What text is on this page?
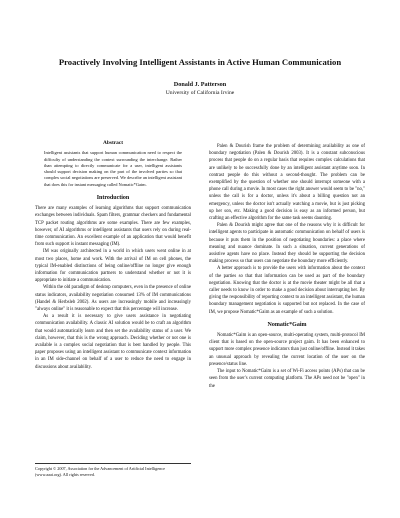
Proactively Involving Intelligent Assistants in Active Human Communication
Donald J. Patterson
University of California Irvine
Abstract
Intelligent assistants that support human communication need to respect the difficulty of understanding the context surrounding the interchange. Rather than attempting to directly communicate for a user, intelligent assistants should support decision making on the part of the involved parties so that complex social negotiations are preserved. We describe an intelligent assistant that does this for instant messaging called Nomatic*Gaim.
Introduction

There are many examples of learning algorithms that support communication exchanges between individuals. Spam filters, grammar checkers and fundamental TCP packet routing algorithms are some examples. There are few examples, however, of AI algorithms or intelligent assistants that users rely on during real-time communication. An excellent example of an application that would benefit from such support is instant messaging (IM).

IM was originally architected in a world in which users went online in at most two places, home and work. With the arrival of IM on cell phones, the typical IM-enabled distinctions of being online/offline no longer give enough information for communication partners to understand whether or not it is appropriate to initiate a communication.

Within the old paradigm of desktop computers, even in the presence of online status indicators, availability negotiation consumed 13% of IM communications (Handel & Herbsleb 2002). As users are increasingly mobile and increasingly "always online" it is reasonable to expect that this percentage will increase.

As a result it is necessary to give users assistance in negotiating communication availability. A classic AI solution would be to craft an algorithm that would automatically learn and then set the availability status of a user. We claim, however, that this is the wrong approach. Deciding whether or not one is available is a complex social negotiation that is best handled by people. This paper proposes using an intelligent assistant to communicate context information in an IM side-channel on behalf of a user to reduce the need to engage in discussions about availability.

Palen & Dourish frame the problem of determining availability as one of boundary negotiation (Palen & Dourish 2003). It is a constant subconscious process that people do on a regular basis that requires complex calculations that are unlikely to be successfully done by an intelligent assistant anytime soon. In contrast people do this without a second-thought. The problem can be exemplified by the question of whether one should interrupt someone with a phone call during a movie. In most cases the right answer would seem to be "no," unless the call is for a doctor, unless it's about a billing question not an emergency, unless the doctor isn't actually watching a movie, but is just picking up her son, etc. Making a good decision is easy as an informed person, but crafting an effective algorithm for the same task seems daunting.

Palen & Dourish might agree that one of the reasons why it is difficult for intelligent agents to participate in automatic communication on behalf of users is because it puts them in the position of negotiating boundaries: a place where meaning and nuance dominate. In such a situation, current generations of assistive agents have no place. Instead they should be supporting the decision making process so that users can negotiate the boundary more efficiently.

A better approach is to provide the users with information about the context of the parties so that that information can be used as part of the boundary negotiation. Knowing that the doctor is at the movie theater might be all that a caller needs to know in order to make a good decision about interrupting her. By giving the responsibility of reporting context to an intelligent assistant, the human boundary management negotiation is supported but not replaced. In the case of IM, we propose Nomatic*Gaim as an example of such a solution.

Nomatic*Gaim

Nomatic*Gaim is an open-source, multi-operating system, multi-protocol IM client that is based on the open-source project gaim. It has been enhanced to support more complex presence indicators than just online/offline. Instead it takes an unusual approach by revealing the current location of the user on the presence/status line.

The input to Nomatic*Gaim is a set of Wi-Fi access points (APs) that can be seen from the user's current computing platform. The APs need not be "open" in the

Copyright © 2007, Association for the Advancement of Artificial Intelligence (www.aaai.org). All rights reserved.
